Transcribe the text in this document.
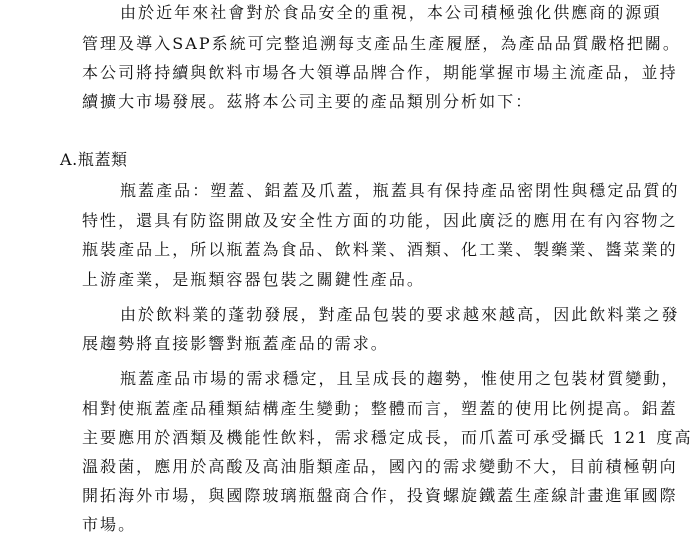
由於近年來社會對於食品安全的重視，本公司積極強化供應商的源頭
管理及導入SAP系統可完整追溯每支產品生產履歷，為產品品質嚴格把關。
本公司將持續與飲料市場各大領導品牌合作，期能掌握市場主流產品，並持
續擴大市場發展。茲將本公司主要的產品類別分析如下：
A.瓶蓋類
瓶蓋產品：塑蓋、鋁蓋及爪蓋，瓶蓋具有保持產品密閉性與穩定品質的
特性，還具有防盜開啟及安全性方面的功能，因此廣泛的應用在有內容物之
瓶裝產品上，所以瓶蓋為食品、飲料業、酒類、化工業、製藥業、醬菜業的
上游產業，是瓶類容器包裝之關鍵性產品。
由於飲料業的蓬勃發展，對產品包裝的要求越來越高，因此飲料業之發
展趨勢將直接影響對瓶蓋產品的需求。
瓶蓋產品市場的需求穩定，且呈成長的趨勢，惟使用之包裝材質變動，
相對使瓶蓋產品種類結構產生變動；整體而言，塑蓋的使用比例提高。鋁蓋
主要應用於酒類及機能性飲料，需求穩定成長，而爪蓋可承受攝氏 121 度高
溫殺菌，應用於高酸及高油脂類產品，國內的需求變動不大，目前積極朝向
開拓海外市場，與國際玻璃瓶盤商合作，投資螺旋鐵蓋生產線計畫進軍國際
市場。
